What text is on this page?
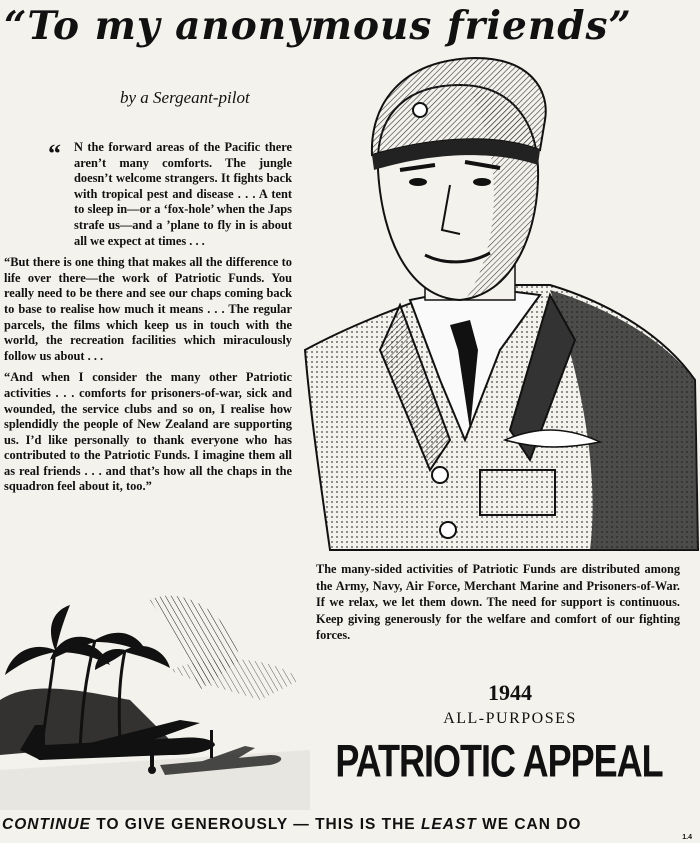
“To my anonymous friends”
by a Sergeant-pilot

“ N the forward areas of the Pacific there aren’t many comforts. The jungle doesn’t welcome strangers. It fights back with tropical pest and disease . . . A tent to sleep in—or a ‘fox-hole’ when the Japs strafe us—and a ’plane to fly in is about all we expect at times . . .

“But there is one thing that makes all the difference to life over there—the work of Patriotic Funds. You really need to be there and see our chaps coming back to base to realise how much it means . . . The regular parcels, the films which keep us in touch with the world, the recreation facilities which miraculously follow us about . . .

“And when I consider the many other Patriotic activities . . . comforts for prisoners-of-war, sick and wounded, the service clubs and so on, I realise how splendidly the people of New Zealand are supporting us. I’d like personally to thank everyone who has contributed to the Patriotic Funds. I imagine them all as real friends . . . and that’s how all the chaps in the squadron feel about it, too.”

The many-sided activities of Patriotic Funds are distributed among the Army, Navy, Air Force, Merchant Marine and Prisoners-of-War. If we relax, we let them down. The need for support is continuous. Keep giving generously for the welfare and comfort of our fighting forces.
1944
ALL-PURPOSES
PATRIOTIC APPEAL
CONTINUE TO GIVE GENEROUSLY — THIS IS THE LEAST WE CAN DO
1.4
